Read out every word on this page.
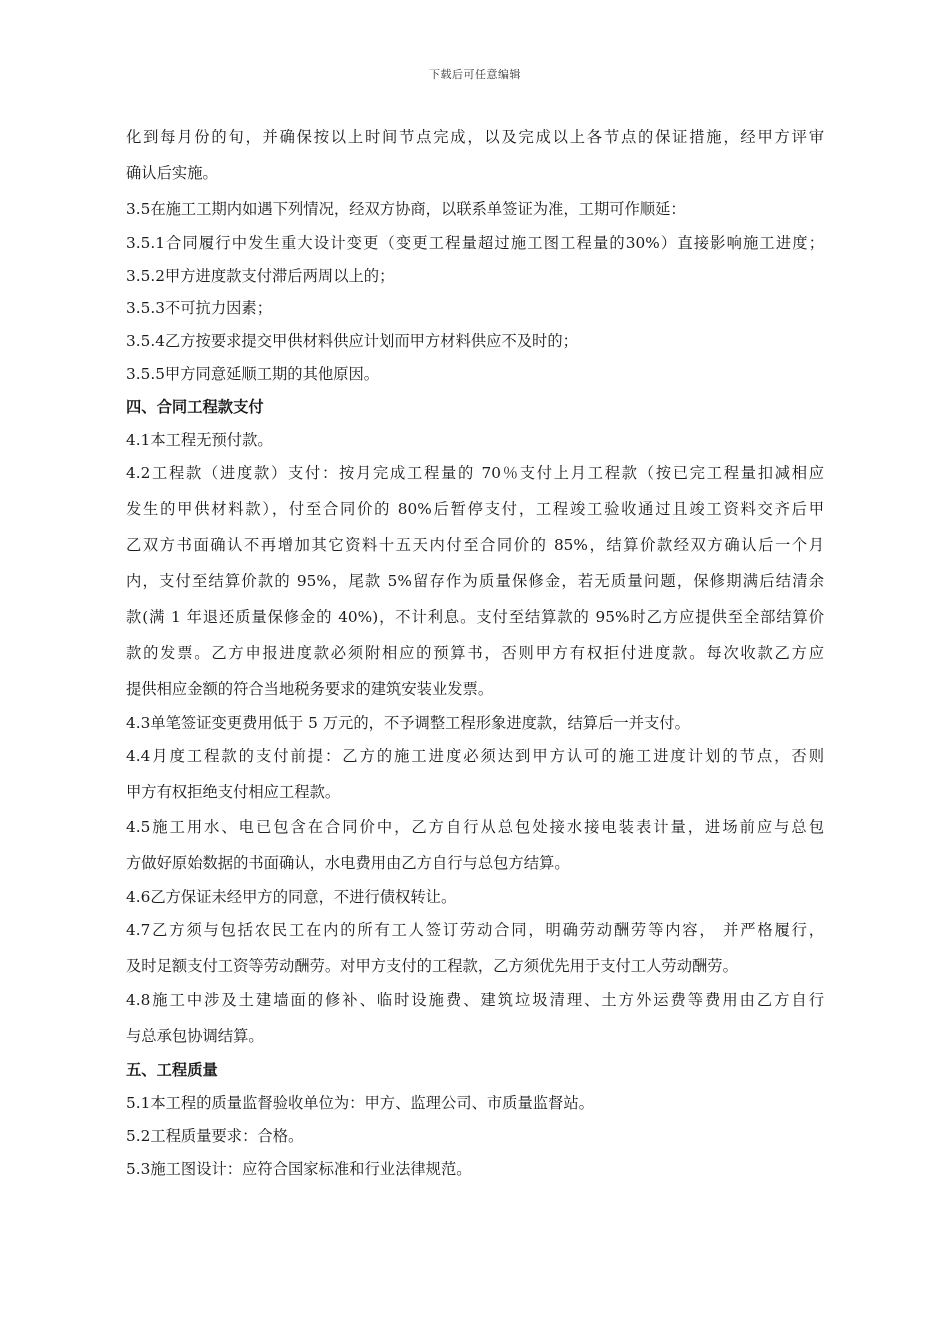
下载后可任意编辑
化到每月份的旬，并确保按以上时间节点完成，以及完成以上各节点的保证措施，经甲方评审
确认后实施。
3.5在施工工期内如遇下列情况，经双方协商，以联系单签证为准，工期可作顺延：
3.5.1合同履行中发生重大设计变更（变更工程量超过施工图工程量的30%）直接影响施工进度；
3.5.2甲方进度款支付滞后两周以上的；
3.5.3不可抗力因素；
3.5.4乙方按要求提交甲供材料供应计划而甲方材料供应不及时的；
3.5.5甲方同意延顺工期的其他原因。
四、合同工程款支付
4.1本工程无预付款。
4.2工程款（进度款）支付：按月完成工程量的 70％支付上月工程款（按已完工程量扣减相应
发生的甲供材料款），付至合同价的 80%后暂停支付，工程竣工验收通过且竣工资料交齐后甲
乙双方书面确认不再增加其它资料十五天内付至合同价的 85%，结算价款经双方确认后一个月
内，支付至结算价款的 95%，尾款 5%留存作为质量保修金，若无质量问题，保修期满后结清余
款(满 1 年退还质量保修金的 40%)，不计利息。支付至结算款的 95%时乙方应提供至全部结算价
款的发票。乙方申报进度款必须附相应的预算书，否则甲方有权拒付进度款。每次收款乙方应
提供相应金额的符合当地税务要求的建筑安装业发票。
4.3单笔签证变更费用低于 5 万元的，不予调整工程形象进度款，结算后一并支付。
4.4月度工程款的支付前提：乙方的施工进度必须达到甲方认可的施工进度计划的节点，否则
甲方有权拒绝支付相应工程款。
4.5施工用水、电已包含在合同价中，乙方自行从总包处接水接电装表计量，进场前应与总包
方做好原始数据的书面确认，水电费用由乙方自行与总包方结算。
4.6乙方保证未经甲方的同意，不进行债权转让。
4.7乙方须与包括农民工在内的所有工人签订劳动合同，明确劳动酬劳等内容， 并严格履行，
及时足额支付工资等劳动酬劳。对甲方支付的工程款，乙方须优先用于支付工人劳动酬劳。
4.8施工中涉及土建墙面的修补、临时设施费、建筑垃圾清理、土方外运费等费用由乙方自行
与总承包协调结算。
五、工程质量
5.1本工程的质量监督验收单位为：甲方、监理公司、市质量监督站。
5.2工程质量要求：合格。
5.3施工图设计：应符合国家标准和行业法律规范。
